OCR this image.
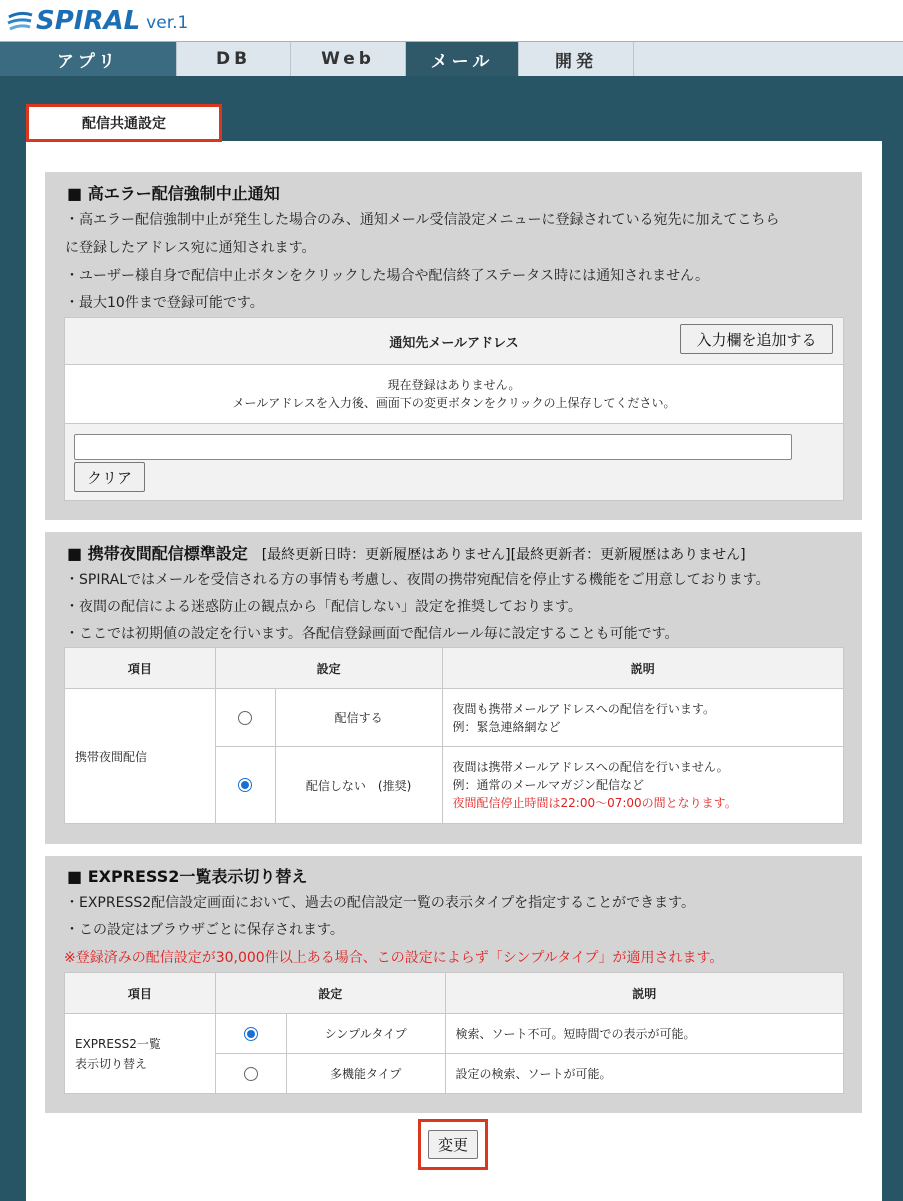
SPIRAL ver.1
アプリ	DB	Web	メール	開発
配信共通設定
■ 高エラー配信強制中止通知
・高エラー配信強制中止が発生した場合のみ、通知メール受信設定メニューに登録されている宛先に加えてこちら
に登録したアドレス宛に通知されます。
・ユーザー様自身で配信中止ボタンをクリックした場合や配信終了ステータス時には通知されません。
・最大10件まで登録可能です。
通知先メールアドレス	入力欄を追加する
現在登録はありません。
メールアドレスを入力後、画面下の変更ボタンをクリックの上保存してください。
クリア
■ 携帯夜間配信標準設定 [最終更新日時：更新履歴はありません][最終更新者：更新履歴はありません]
・SPIRALではメールを受信される方の事情も考慮し、夜間の携帯宛配信を停止する機能をご用意しております。
・夜間の配信による迷惑防止の観点から「配信しない」設定を推奨しております。
・ここでは初期値の設定を行います。各配信登録画面で配信ルール毎に設定することも可能です。
項目	設定		説明
携帯夜間配信		配信する	夜間も携帯メールアドレスへの配信を行います。
例：緊急連絡網など

		配信しない　(推奨)	夜間は携帯メールアドレスへの配信を行いません。
例：通常のメールマガジン配信など
夜間配信停止時間は22:00～07:00の間となります。
■ EXPRESS2一覧表示切り替え
・EXPRESS2配信設定画面において、過去の配信設定一覧の表示タイプを指定することができます。
・この設定はブラウザごとに保存されます。
※登録済みの配信設定が30,000件以上ある場合、この設定によらず「シンプルタイプ」が適用されます。
項目	設定		説明

EXPRESS2一覧
表示切り替え		シンプルタイプ	検索、ソート不可。短時間での表示が可能。
		多機能タイプ	設定の検索、ソートが可能。
変更
